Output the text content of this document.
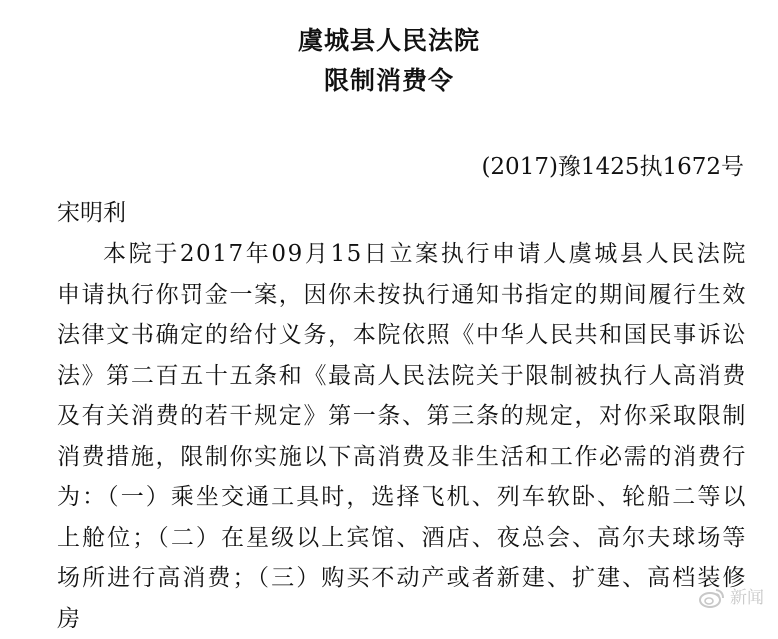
虞城县人民法院
限制消费令
(2017)豫1425执1672号
宋明利

本院于2017年09月15日立案执行申请人虞城县人民法院申请执行你罚金一案，因你未按执行通知书指定的期间履行生效法律文书确定的给付义务，本院依照《中华人民共和国民事诉讼法》第二百五十五条和《最高人民法院关于限制被执行人高消费及有关消费的若干规定》第一条、第三条的规定，对你采取限制消费措施，限制你实施以下高消费及非生活和工作必需的消费行为：（一）乘坐交通工具时，选择飞机、列车软卧、轮船二等以上舱位；（二）在星级以上宾馆、酒店、夜总会、高尔夫球场等场所进行高消费；（三）购买不动产或者新建、扩建、高档装修房

新闻
